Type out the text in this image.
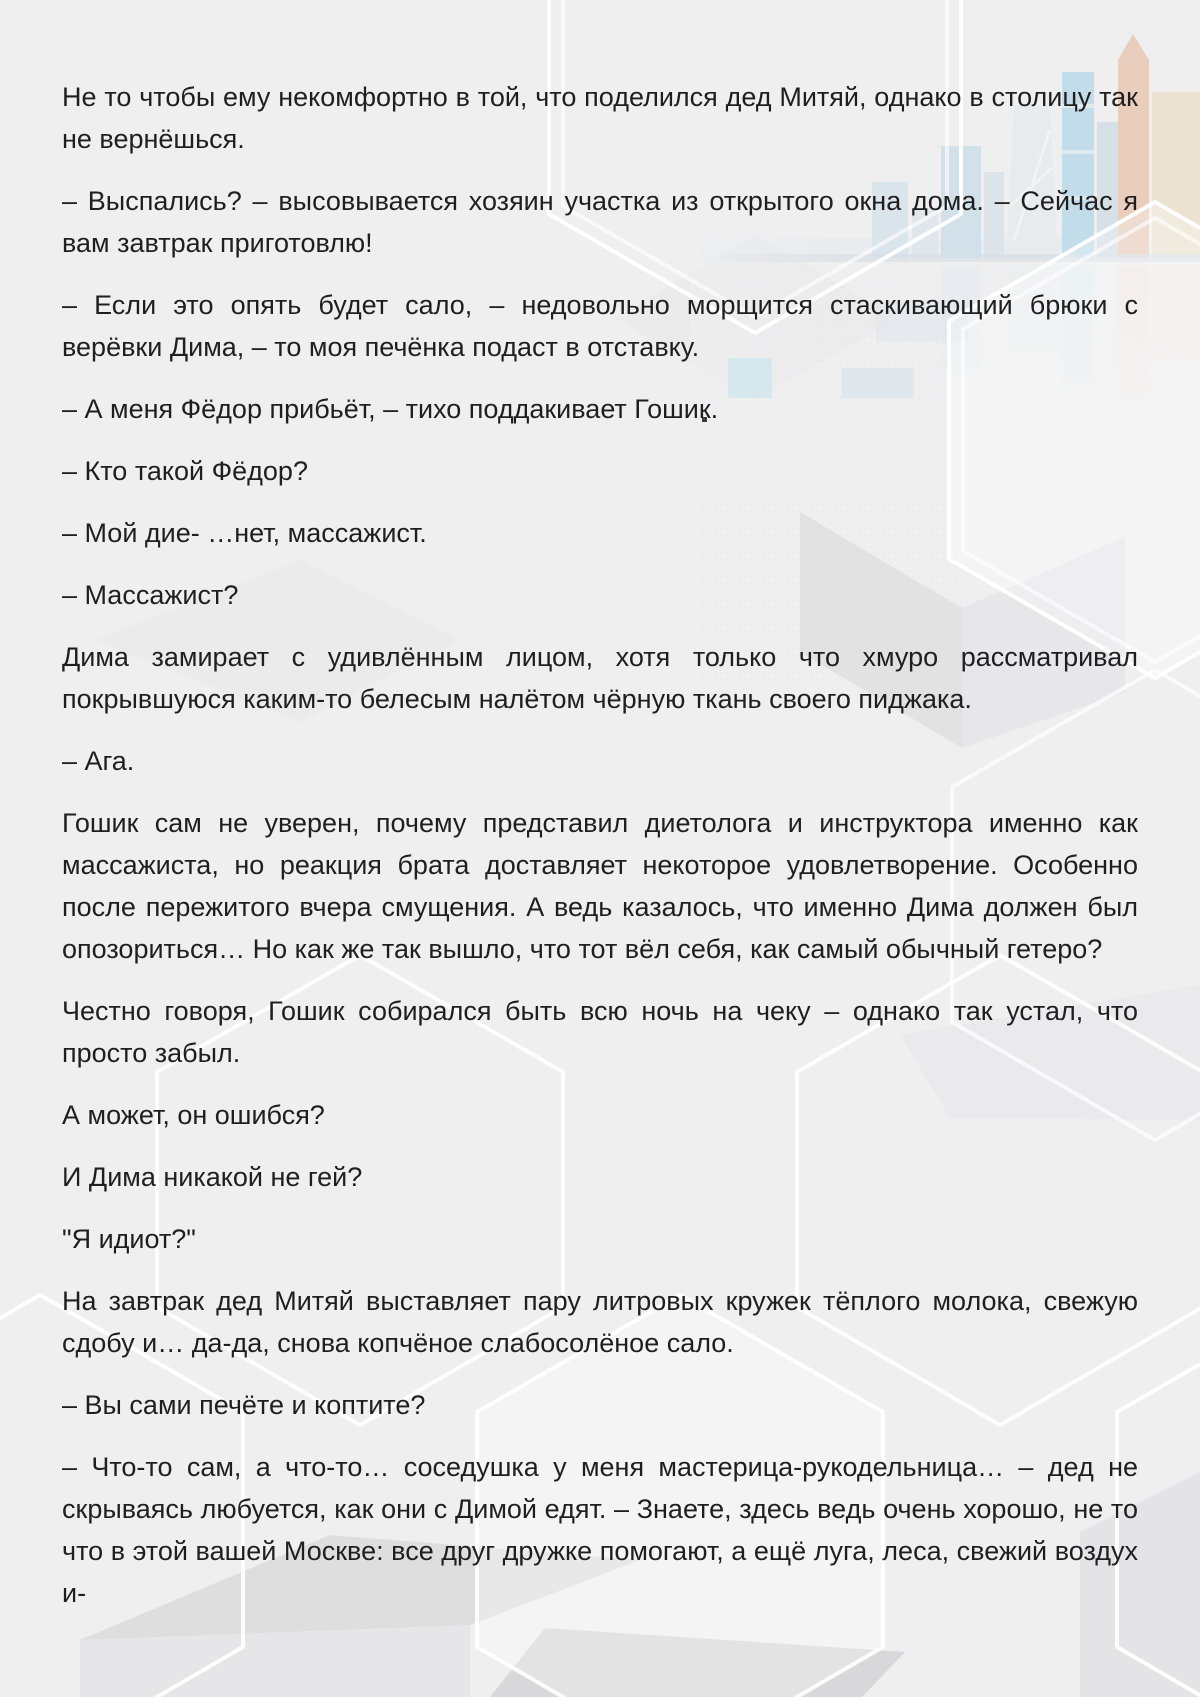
Не то чтобы ему некомфортно в той, что поделился дед Митяй, однако в столицу так не вернёшься.

– Выспались? – высовывается хозяин участка из открытого окна дома. – Сейчас я вам завтрак приготовлю!

– Если это опять будет сало, – недовольно морщится стаскивающий брюки с верёвки Дима, – то моя печёнка подаст в отставку.

– А меня Фёдор прибьёт, – тихо поддакивает Гошик.

– Кто такой Фёдор?

– Мой дие- …нет, массажист.

– Массажист?

Дима замирает с удивлённым лицом, хотя только что хмуро рассматривал покрывшуюся каким-то белесым налётом чёрную ткань своего пиджака.

– Ага.

Гошик сам не уверен, почему представил диетолога и инструктора именно как массажиста, но реакция брата доставляет некоторое удовлетворение. Особенно после пережитого вчера смущения. А ведь казалось, что именно Дима должен был опозориться… Но как же так вышло, что тот вёл себя, как самый обычный гетеро?

Честно говоря, Гошик собирался быть всю ночь на чеку – однако так устал, что просто забыл.

А может, он ошибся?

И Дима никакой не гей?

"Я идиот?"

На завтрак дед Митяй выставляет пару литровых кружек тёплого молока, свежую сдобу и… да-да, снова копчёное слабосолёное сало.

– Вы сами печёте и коптите?

– Что-то сам, а что-то… соседушка у меня мастерица-рукодельница… – дед не скрываясь любуется, как они с Димой едят. – Знаете, здесь ведь очень хорошо, не то что в этой вашей Москве: все друг дружке помогают, а ещё луга, леса, свежий воздух и-
